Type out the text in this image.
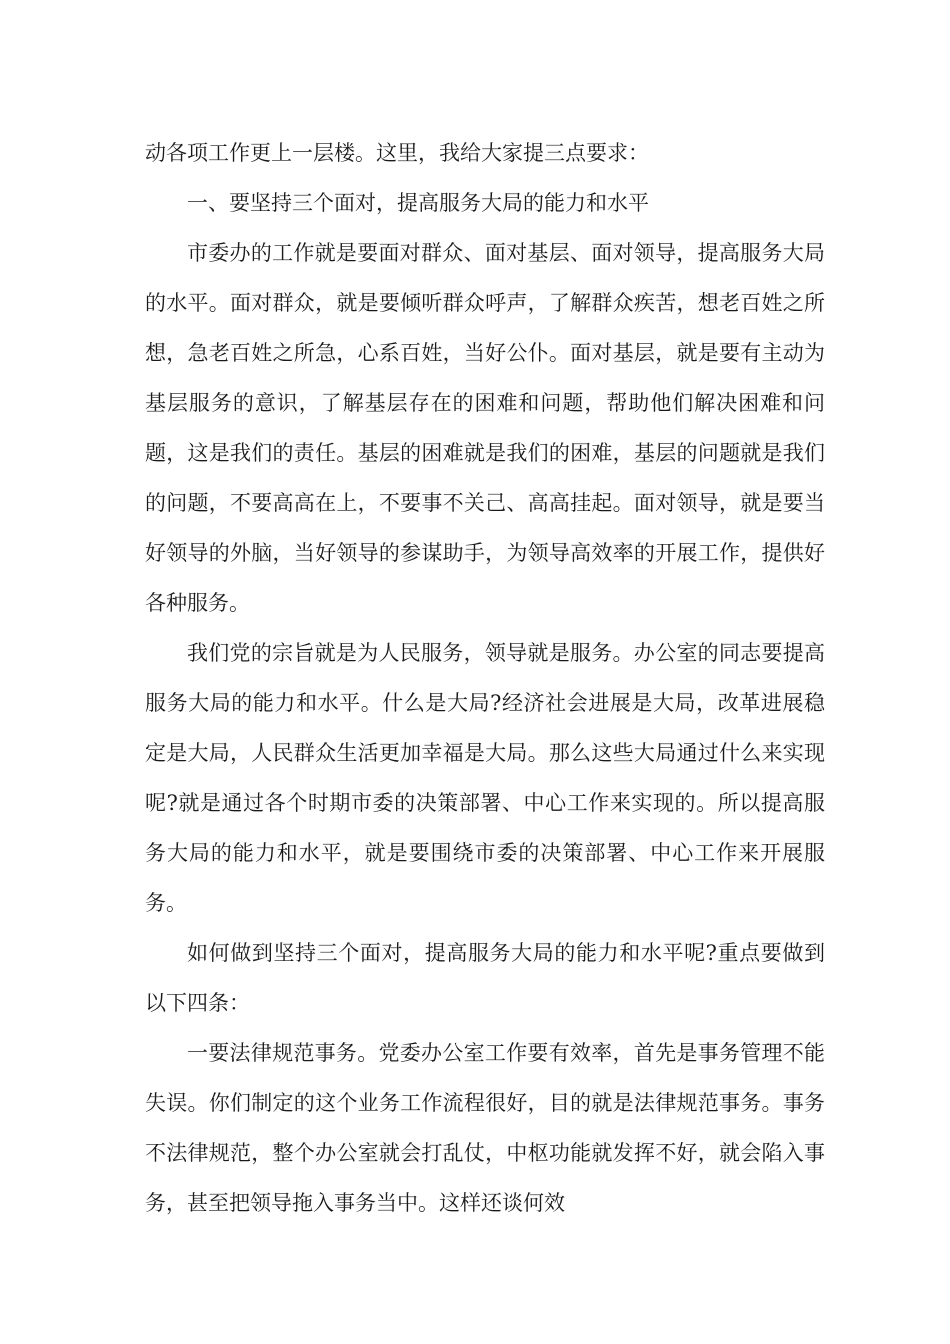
动各项工作更上一层楼。这里，我给大家提三点要求：

一、要坚持三个面对，提高服务大局的能力和水平

市委办的工作就是要面对群众、面对基层、面对领导，提高服务大局的水平。面对群众，就是要倾听群众呼声，了解群众疾苦，想老百姓之所想，急老百姓之所急，心系百姓，当好公仆。面对基层，就是要有主动为基层服务的意识，了解基层存在的困难和问题，帮助他们解决困难和问题，这是我们的责任。基层的困难就是我们的困难，基层的问题就是我们的问题，不要高高在上，不要事不关己、高高挂起。面对领导，就是要当好领导的外脑，当好领导的参谋助手，为领导高效率的开展工作，提供好各种服务。

我们党的宗旨就是为人民服务，领导就是服务。办公室的同志要提高服务大局的能力和水平。什么是大局?经济社会进展是大局，改革进展稳定是大局，人民群众生活更加幸福是大局。那么这些大局通过什么来实现呢?就是通过各个时期市委的决策部署、中心工作来实现的。所以提高服务大局的能力和水平，就是要围绕市委的决策部署、中心工作来开展服务。

如何做到坚持三个面对，提高服务大局的能力和水平呢?重点要做到以下四条：

一要法律规范事务。党委办公室工作要有效率，首先是事务管理不能失误。你们制定的这个业务工作流程很好，目的就是法律规范事务。事务不法律规范，整个办公室就会打乱仗，中枢功能就发挥不好，就会陷入事务，甚至把领导拖入事务当中。这样还谈何效
